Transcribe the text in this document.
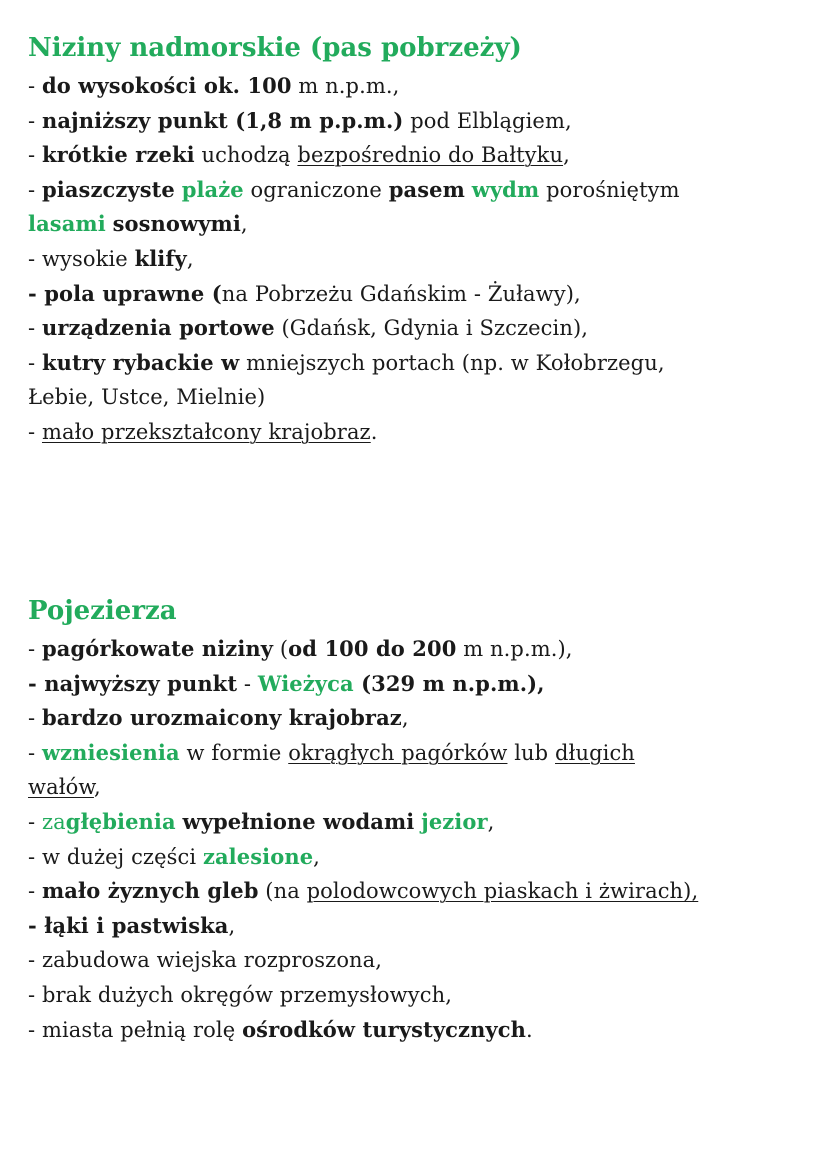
Niziny nadmorskie (pas pobrzeży)
- do wysokości ok. 100 m n.p.m.,
- najniższy punkt (1,8 m p.p.m.) pod Elblągiem,
- krótkie rzeki uchodzą bezpośrednio do Bałtyku,
- piaszczyste plaże ograniczone pasem wydm porośniętym
lasami sosnowymi,
- wysokie klify,
- pola uprawne (na Pobrzeżu Gdańskim - Żuławy),
- urządzenia portowe (Gdańsk, Gdynia i Szczecin),
- kutry rybackie w mniejszych portach (np. w Kołobrzegu,
Łebie, Ustce, Mielnie)
- mało przekształcony krajobraz.
Pojezierza
- pagórkowate niziny (od 100 do 200 m n.p.m.),
- najwyższy punkt - Wieżyca (329 m n.p.m.),
- bardzo urozmaicony krajobraz,
- wzniesienia w formie okrągłych pagórków lub długich
wałów,
- zagłębienia wypełnione wodami jezior,
- w dużej części zalesione,
- mało żyznych gleb (na polodowcowych piaskach i żwirach),
- łąki i pastwiska,
- zabudowa wiejska rozproszona,
- brak dużych okręgów przemysłowych,
- miasta pełnią rolę ośrodków turystycznych.
